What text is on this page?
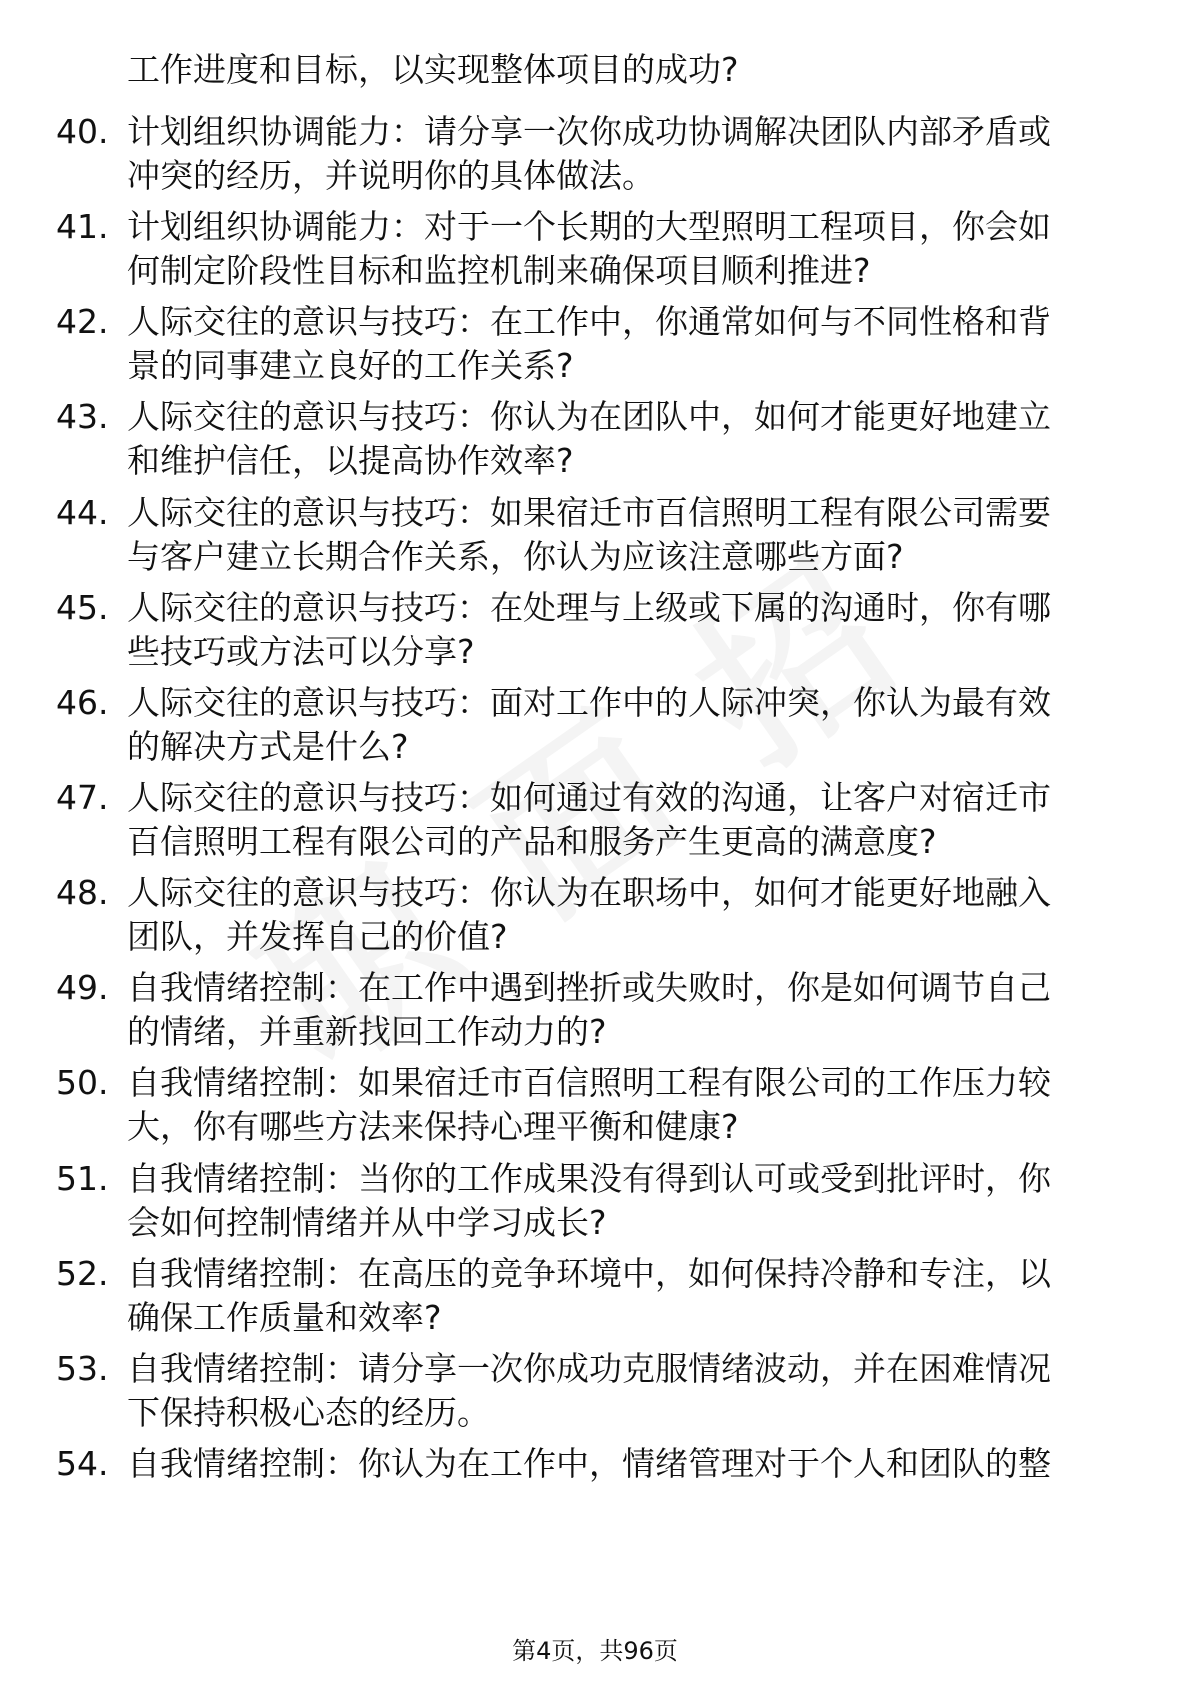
工作进度和目标，以实现整体项目的成功?

40. 计划组织协调能力：请分享一次你成功协调解决团队内部矛盾或
冲突的经历，并说明你的具体做法。
41. 计划组织协调能力：对于一个长期的大型照明工程项目，你会如
何制定阶段性目标和监控机制来确保项目顺利推进?
42. 人际交往的意识与技巧：在工作中，你通常如何与不同性格和背
景的同事建立良好的工作关系?
43. 人际交往的意识与技巧：你认为在团队中，如何才能更好地建立
和维护信任，以提高协作效率?
44. 人际交往的意识与技巧：如果宿迁市百信照明工程有限公司需要
与客户建立长期合作关系，你认为应该注意哪些方面?
45. 人际交往的意识与技巧：在处理与上级或下属的沟通时，你有哪
些技巧或方法可以分享?
46. 人际交往的意识与技巧：面对工作中的人际冲突，你认为最有效
的解决方式是什么?
47. 人际交往的意识与技巧：如何通过有效的沟通，让客户对宿迁市
百信照明工程有限公司的产品和服务产生更高的满意度?
48. 人际交往的意识与技巧：你认为在职场中，如何才能更好地融入
团队，并发挥自己的价值?
49. 自我情绪控制：在工作中遇到挫折或失败时，你是如何调节自己
的情绪，并重新找回工作动力的?
50. 自我情绪控制：如果宿迁市百信照明工程有限公司的工作压力较
大，你有哪些方法来保持心理平衡和健康?
51. 自我情绪控制：当你的工作成果没有得到认可或受到批评时，你
会如何控制情绪并从中学习成长?
52. 自我情绪控制：在高压的竞争环境中，如何保持冷静和专注，以
确保工作质量和效率?
53. 自我情绪控制：请分享一次你成功克服情绪波动，并在困难情况
下保持积极心态的经历。
54. 自我情绪控制：你认为在工作中，情绪管理对于个人和团队的整
第4页，共96页
